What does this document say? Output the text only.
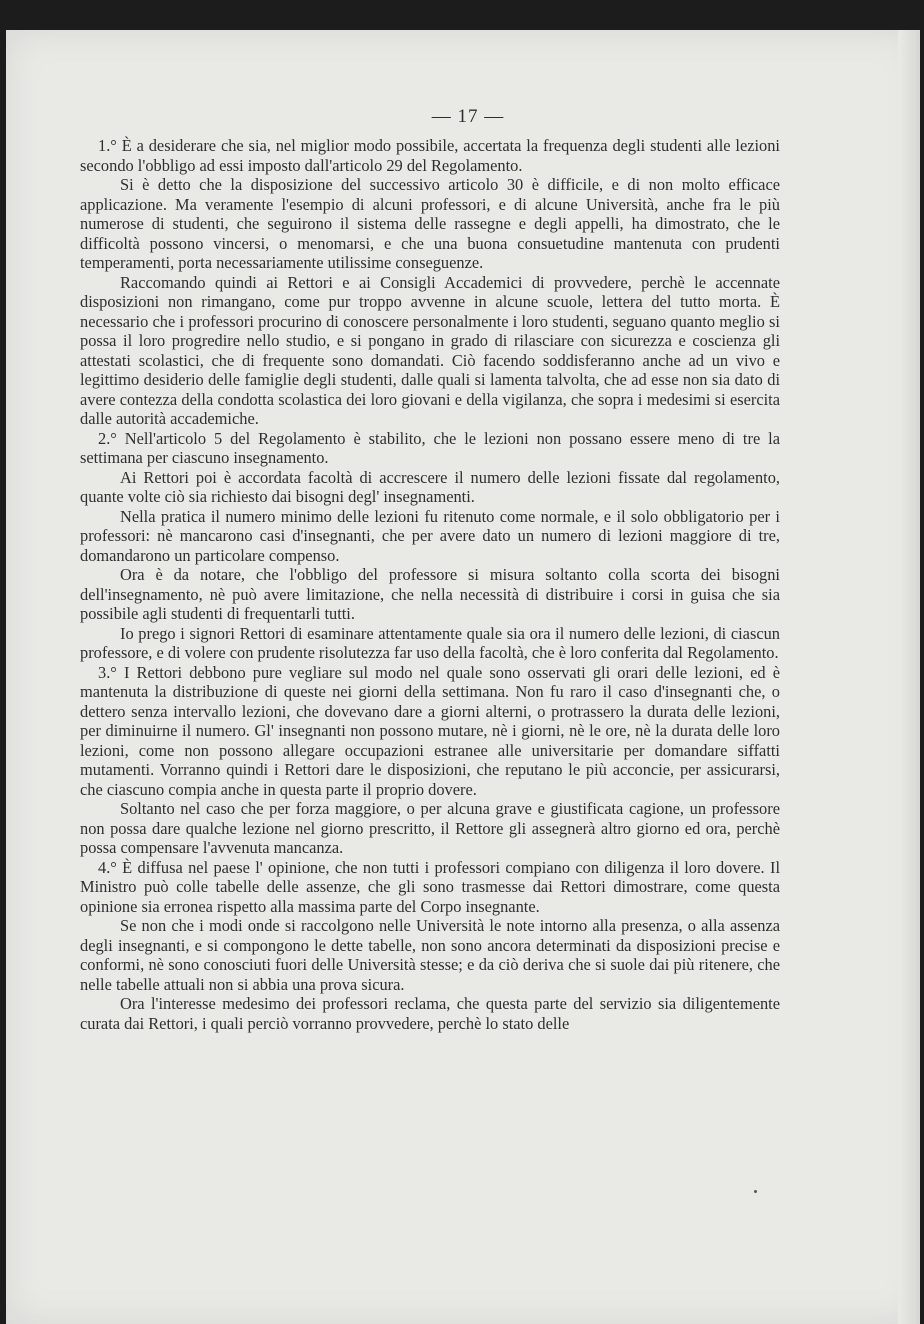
— 17 —

1.° È a desiderare che sia, nel miglior modo possibile, accertata la frequenza degli studenti alle lezioni secondo l'obbligo ad essi imposto dall'articolo 29 del Regolamento.

Si è detto che la disposizione del successivo articolo 30 è difficile, e di non molto efficace applicazione. Ma veramente l'esempio di alcuni professori, e di alcune Università, anche fra le più numerose di studenti, che seguirono il sistema delle rassegne e degli appelli, ha dimostrato, che le difficoltà possono vincersi, o menomarsi, e che una buona consuetudine mantenuta con prudenti temperamenti, porta necessariamente utilissime conseguenze.

Raccomando quindi ai Rettori e ai Consigli Accademici di provvedere, perchè le accennate disposizioni non rimangano, come pur troppo avvenne in alcune scuole, lettera del tutto morta. È necessario che i professori procurino di conoscere personalmente i loro studenti, seguano quanto meglio si possa il loro progredire nello studio, e si pongano in grado di rilasciare con sicurezza e coscienza gli attestati scolastici, che di frequente sono domandati. Ciò facendo soddisferanno anche ad un vivo e legittimo desiderio delle famiglie degli studenti, dalle quali si lamenta talvolta, che ad esse non sia dato di avere contezza della condotta scolastica dei loro giovani e della vigilanza, che sopra i medesimi si esercita dalle autorità accademiche.

2.° Nell'articolo 5 del Regolamento è stabilito, che le lezioni non possano essere meno di tre la settimana per ciascuno insegnamento.

Ai Rettori poi è accordata facoltà di accrescere il numero delle lezioni fissate dal regolamento, quante volte ciò sia richiesto dai bisogni degl' insegnamenti.

Nella pratica il numero minimo delle lezioni fu ritenuto come normale, e il solo obbligatorio per i professori: nè mancarono casi d'insegnanti, che per avere dato un numero di lezioni maggiore di tre, domandarono un particolare compenso.

Ora è da notare, che l'obbligo del professore si misura soltanto colla scorta dei bisogni dell'insegnamento, nè può avere limitazione, che nella necessità di distribuire i corsi in guisa che sia possibile agli studenti di frequentarli tutti.

Io prego i signori Rettori di esaminare attentamente quale sia ora il numero delle lezioni, di ciascun professore, e di volere con prudente risolutezza far uso della facoltà, che è loro conferita dal Regolamento.

3.° I Rettori debbono pure vegliare sul modo nel quale sono osservati gli orari delle lezioni, ed è mantenuta la distribuzione di queste nei giorni della settimana. Non fu raro il caso d'insegnanti che, o dettero senza intervallo lezioni, che dovevano dare a giorni alterni, o protrassero la durata delle lezioni, per diminuirne il numero. Gl' insegnanti non possono mutare, nè i giorni, nè le ore, nè la durata delle loro lezioni, come non possono allegare occupazioni estranee alle universitarie per domandare siffatti mutamenti. Vorranno quindi i Rettori dare le disposizioni, che reputano le più acconcie, per assicurarsi, che ciascuno compia anche in questa parte il proprio dovere.

Soltanto nel caso che per forza maggiore, o per alcuna grave e giustificata cagione, un professore non possa dare qualche lezione nel giorno prescritto, il Rettore gli assegnerà altro giorno ed ora, perchè possa compensare l'avvenuta mancanza.

4.° È diffusa nel paese l' opinione, che non tutti i professori compiano con diligenza il loro dovere. Il Ministro può colle tabelle delle assenze, che gli sono trasmesse dai Rettori dimostrare, come questa opinione sia erronea rispetto alla massima parte del Corpo insegnante.

Se non che i modi onde si raccolgono nelle Università le note intorno alla presenza, o alla assenza degli insegnanti, e si compongono le dette tabelle, non sono ancora determinati da disposizioni precise e conformi, nè sono conosciuti fuori delle Università stesse; e da ciò deriva che si suole dai più ritenere, che nelle tabelle attuali non si abbia una prova sicura.

Ora l'interesse medesimo dei professori reclama, che questa parte del servizio sia diligentemente curata dai Rettori, i quali perciò vorranno provvedere, perchè lo stato delle
